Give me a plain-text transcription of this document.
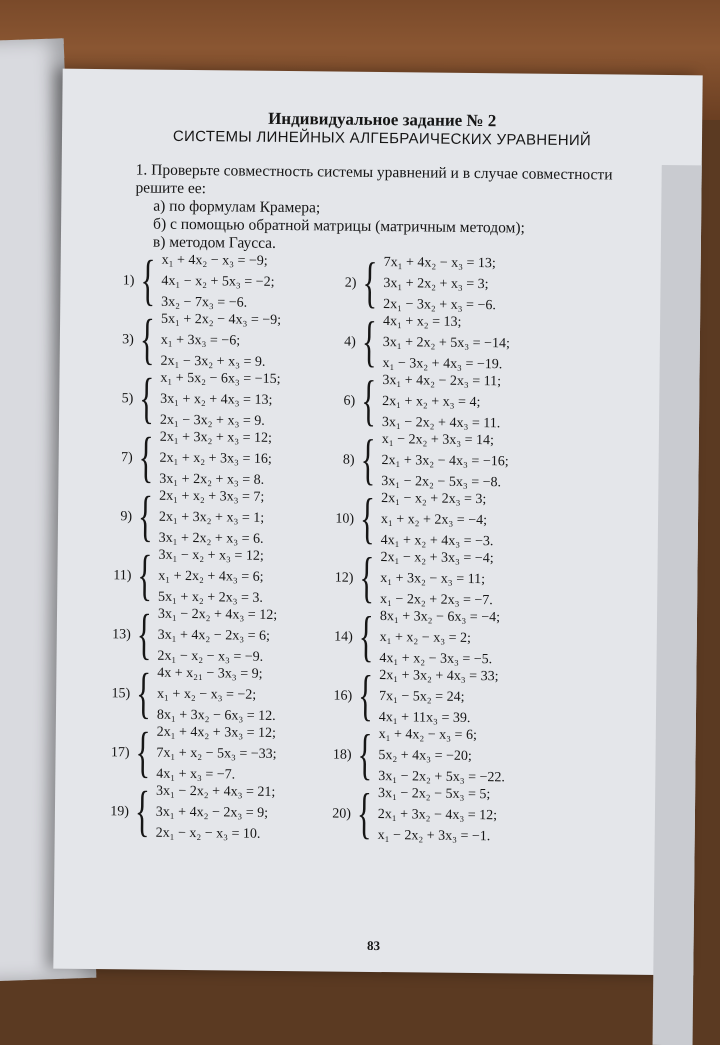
Индивидуальное задание № 2
СИСТЕМЫ ЛИНЕЙНЫХ АЛГЕБРАИЧЕСКИХ УРАВНЕНИЙ
1. Проверьте совместность системы уравнений и в случае совместности
решите ее:
а) по формулам Крамера;
б) с помощью обратной матрицы (матричным методом);
в) методом Гаусса.
1) { x₁ + 4x₂ − x₃ = −9;
4x₁ − x₂ + 5x₃ = −2;
3x₂ − 7x₃ = −6.
2) { 7x₁ + 4x₂ − x₃ = 13;
3x₁ + 2x₂ + x₃ = 3;
2x₁ − 3x₂ + x₃ = −6.
3) { 5x₁ + 2x₂ − 4x₃ = −9;
x₁ + 3x₃ = −6;
2x₁ − 3x₂ + x₃ = 9.
4) { 4x₁ + x₂ = 13;
3x₁ + 2x₂ + 5x₃ = −14;
x₁ − 3x₂ + 4x₃ = −19.
5) { x₁ + 5x₂ − 6x₃ = −15;
3x₁ + x₂ + 4x₃ = 13;
2x₁ − 3x₂ + x₃ = 9.
6) { 3x₁ + 4x₂ − 2x₃ = 11;
2x₁ + x₂ + x₃ = 4;
3x₁ − 2x₂ + 4x₃ = 11.
7) { 2x₁ + 3x₂ + x₃ = 12;
2x₁ + x₂ + 3x₃ = 16;
3x₁ + 2x₂ + x₃ = 8.
8) { x₁ − 2x₂ + 3x₃ = 14;
2x₁ + 3x₂ − 4x₃ = −16;
3x₁ − 2x₂ − 5x₃ = −8.
9) { 2x₁ + x₂ + 3x₃ = 7;
2x₁ + 3x₂ + x₃ = 1;
3x₁ + 2x₂ + x₃ = 6.
10) { 2x₁ − x₂ + 2x₃ = 3;
x₁ + x₂ + 2x₃ = −4;
4x₁ + x₂ + 4x₃ = −3.
11) { 3x₁ − x₂ + x₃ = 12;
x₁ + 2x₂ + 4x₃ = 6;
5x₁ + x₂ + 2x₃ = 3.
12) { 2x₁ − x₂ + 3x₃ = −4;
x₁ + 3x₂ − x₃ = 11;
x₁ − 2x₂ + 2x₃ = −7.
13) { 3x₁ − 2x₂ + 4x₃ = 12;
3x₁ + 4x₂ − 2x₃ = 6;
2x₁ − x₂ − x₃ = −9.
14) { 8x₁ + 3x₂ − 6x₃ = −4;
x₁ + x₂ − x₃ = 2;
4x₁ + x₂ − 3x₃ = −5.
15) { 4x + x₂₁ − 3x₃ = 9;
x₁ + x₂ − x₃ = −2;
8x₁ + 3x₂ − 6x₃ = 12.
16) { 2x₁ + 3x₂ + 4x₃ = 33;
7x₁ − 5x₂ = 24;
4x₁ + 11x₃ = 39.
17) { 2x₁ + 4x₂ + 3x₃ = 12;
7x₁ + x₂ − 5x₃ = −33;
4x₁ + x₃ = −7.
18) { x₁ + 4x₂ − x₃ = 6;
5x₂ + 4x₃ = −20;
3x₁ − 2x₂ + 5x₃ = −22.
19) { 3x₁ − 2x₂ + 4x₃ = 21;
3x₁ + 4x₂ − 2x₃ = 9;
2x₁ − x₂ − x₃ = 10.
20) { 3x₁ − 2x₂ − 5x₃ = 5;
2x₁ + 3x₂ − 4x₃ = 12;
x₁ − 2x₂ + 3x₃ = −1.
83
